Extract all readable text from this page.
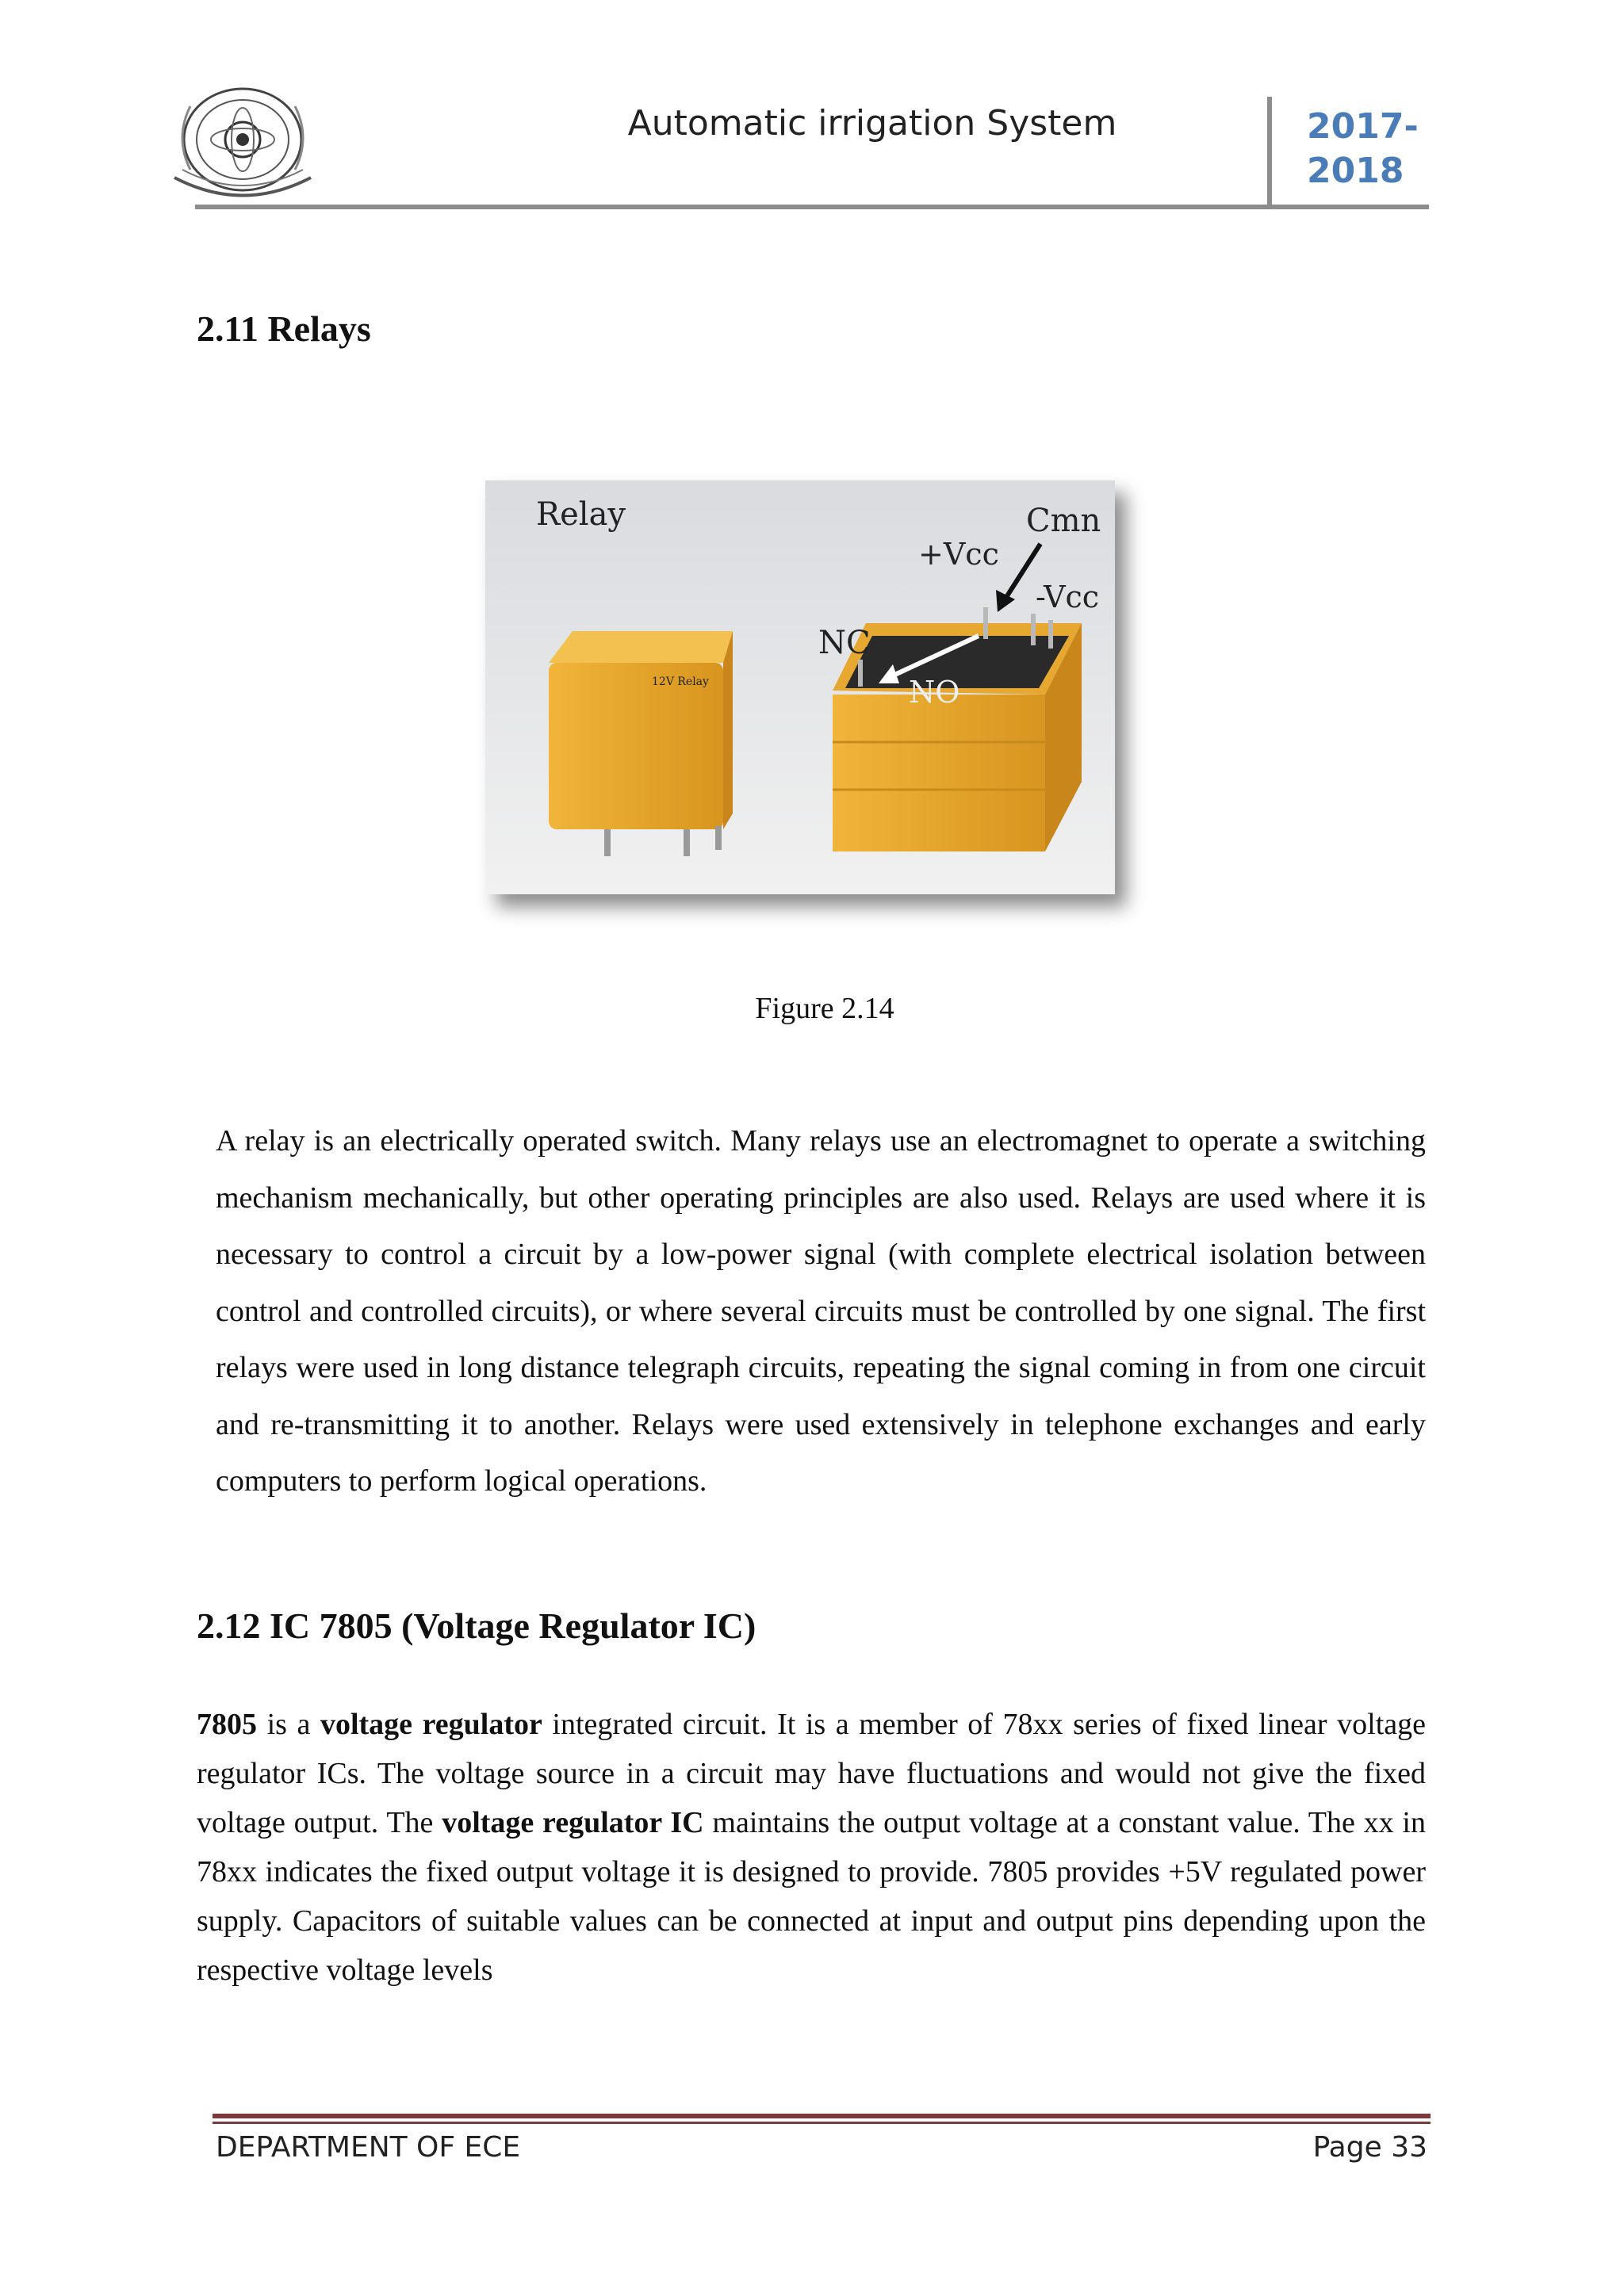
Automatic irrigation System	2017-
2018
2.11 Relays
Relay
+Vcc
Cmn
-Vcc
NC
NO
12V Relay
Figure 2.14
A relay is an electrically operated switch. Many relays use an electromagnet to operate a switching mechanism mechanically, but other operating principles are also used. Relays are used where it is necessary to control a circuit by a low-power signal (with complete electrical isolation between control and controlled circuits), or where several circuits must be controlled by one signal. The first relays were used in long distance telegraph circuits, repeating the signal coming in from one circuit and re-transmitting it to another. Relays were used extensively in telephone exchanges and early computers to perform logical operations.
2.12 IC 7805 (Voltage Regulator IC)
7805 is a voltage regulator integrated circuit. It is a member of 78xx series of fixed linear voltage regulator ICs. The voltage source in a circuit may have fluctuations and would not give the fixed voltage output. The voltage regulator IC maintains the output voltage at a constant value. The xx in 78xx indicates the fixed output voltage it is designed to provide. 7805 provides +5V regulated power supply. Capacitors of suitable values can be connected at input and output pins depending upon the respective voltage levels
DEPARTMENT OF ECE	Page 33
